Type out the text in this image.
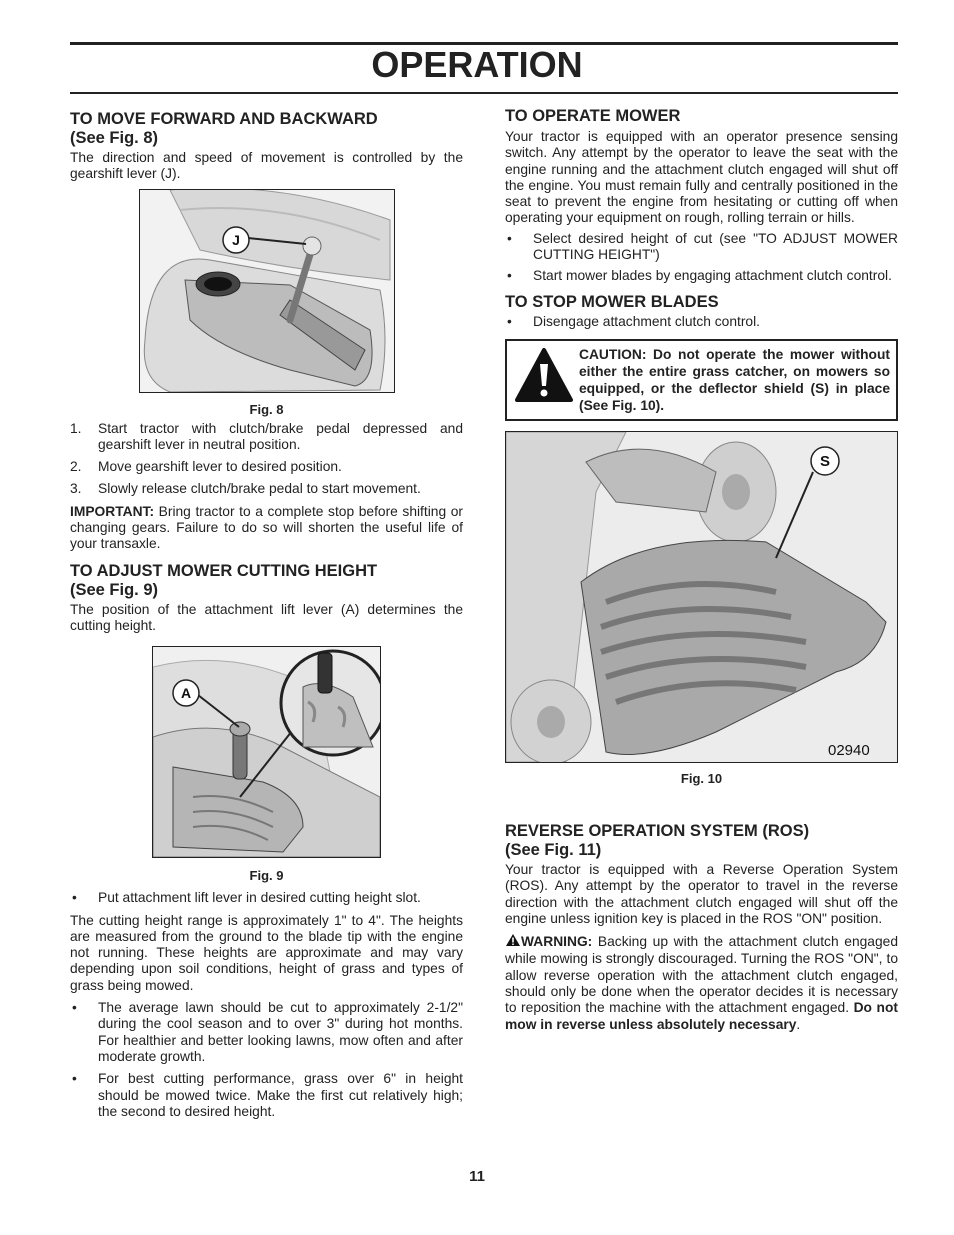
OPERATION
TO MOVE FORWARD AND BACKWARD
(See Fig. 8)

The direction and speed of movement is controlled by the gearshift lever (J).

J
Fig. 8
1. Start tractor with clutch/brake pedal depressed and gearshift lever in neutral position.
2. Move gearshift lever to desired position.
3. Slowly release clutch/brake pedal to start movement.

IMPORTANT: Bring tractor to a complete stop before shifting or changing gears. Failure to do so will shorten the useful life of your transaxle.

TO ADJUST MOWER CUTTING HEIGHT
(See Fig. 9)

The position of the attachment lift lever (A) determines the cutting height.

A
Fig. 9
• Put attachment lift lever in desired cutting height slot.

The cutting height range is approximately 1" to 4". The heights are measured from the ground to the blade tip with the engine not running. These heights are approximate and may vary depending upon soil conditions, height of grass and types of grass being mowed.

• The average lawn should be cut to approximately 2-1/2" during the cool season and to over 3" during hot months. For healthier and better looking lawns, mow often and after moderate growth.
• For best cutting performance, grass over 6" in height should be mowed twice. Make the first cut relatively high; the second to desired height.
TO OPERATE MOWER

Your tractor is equipped with an operator presence sensing switch. Any attempt by the operator to leave the seat with the engine running and the attachment clutch engaged will shut off the engine. You must remain fully and centrally positioned in the seat to prevent the engine from hesitating or cutting off when operating your equipment on rough, rolling terrain or hills.

• Select desired height of cut (see "TO ADJUST MOWER CUTTING HEIGHT")
• Start mower blades by engaging attachment clutch control.
TO STOP MOWER BLADES
• Disengage attachment clutch control.
CAUTION: Do not operate the mower without either the entire grass catcher, on mowers so equipped, or the deflector shield (S) in place (See Fig. 10).
S
02940
Fig. 10
REVERSE OPERATION SYSTEM (ROS)
(See Fig. 11)

Your tractor is equipped with a Reverse Operation System (ROS). Any attempt by the operator to travel in the reverse direction with the attachment clutch engaged will shut off the engine unless ignition key is placed in the ROS "ON" position.

WARNING: Backing up with the attachment clutch engaged while mowing is strongly discouraged. Turning the ROS "ON", to allow reverse operation with the attachment clutch engaged, should only be done when the operator decides it is necessary to reposition the machine with the attachment engaged. Do not mow in reverse unless absolutely necessary.

11
